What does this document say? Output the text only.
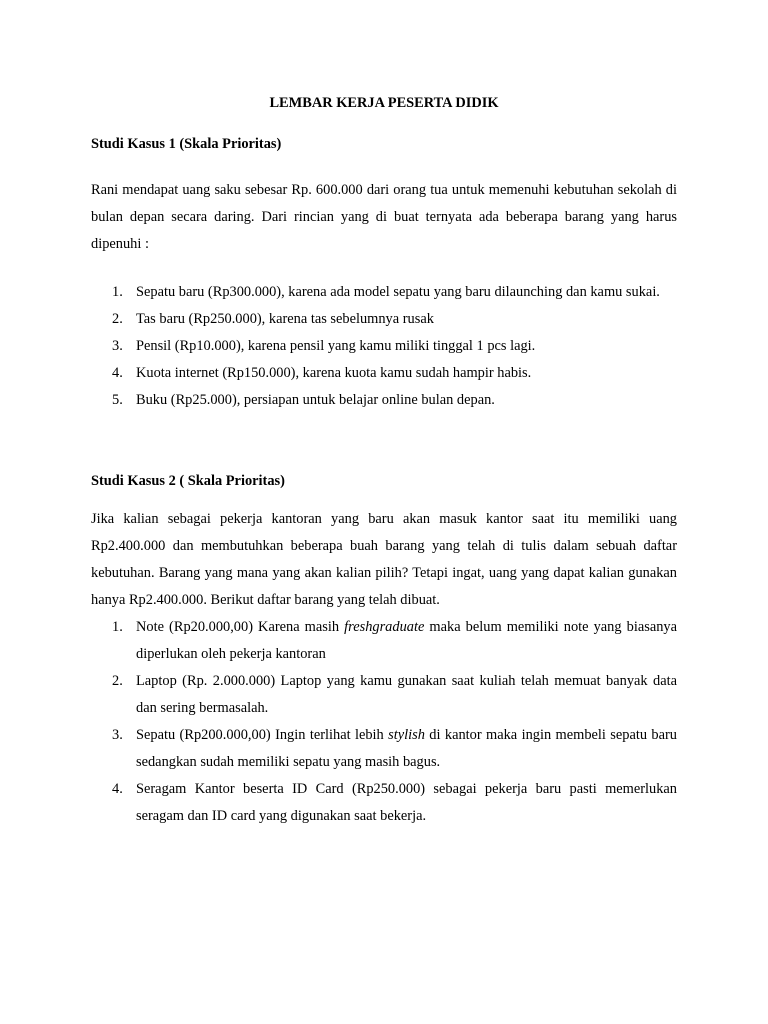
LEMBAR KERJA PESERTA DIDIK

Studi Kasus 1 (Skala Prioritas)

Rani mendapat uang saku sebesar Rp. 600.000 dari orang tua untuk memenuhi kebutuhan sekolah di bulan depan secara daring. Dari rincian yang di buat ternyata ada beberapa barang yang harus dipenuhi :

1. Sepatu baru (Rp300.000), karena ada model sepatu yang baru dilaunching dan kamu sukai.
2. Tas baru (Rp250.000), karena tas sebelumnya rusak
3. Pensil (Rp10.000), karena pensil yang kamu miliki tinggal 1 pcs lagi.
4. Kuota internet (Rp150.000), karena kuota kamu sudah hampir habis.
5. Buku (Rp25.000), persiapan untuk belajar online bulan depan.

Studi Kasus 2 ( Skala Prioritas)

Jika kalian sebagai pekerja kantoran yang baru akan masuk kantor saat itu memiliki uang Rp2.400.000 dan membutuhkan beberapa buah barang yang telah di tulis dalam sebuah daftar kebutuhan. Barang yang mana yang akan kalian pilih? Tetapi ingat, uang yang dapat kalian gunakan hanya Rp2.400.000. Berikut daftar barang yang telah dibuat.

1. Note (Rp20.000,00) Karena masih freshgraduate maka belum memiliki note yang biasanya diperlukan oleh pekerja kantoran
2. Laptop (Rp. 2.000.000) Laptop yang kamu gunakan saat kuliah telah memuat banyak data dan sering bermasalah.
3. Sepatu (Rp200.000,00) Ingin terlihat lebih stylish di kantor maka ingin membeli sepatu baru sedangkan sudah memiliki sepatu yang masih bagus.
4. Seragam Kantor beserta ID Card (Rp250.000) sebagai pekerja baru pasti memerlukan seragam dan ID card yang digunakan saat bekerja.
